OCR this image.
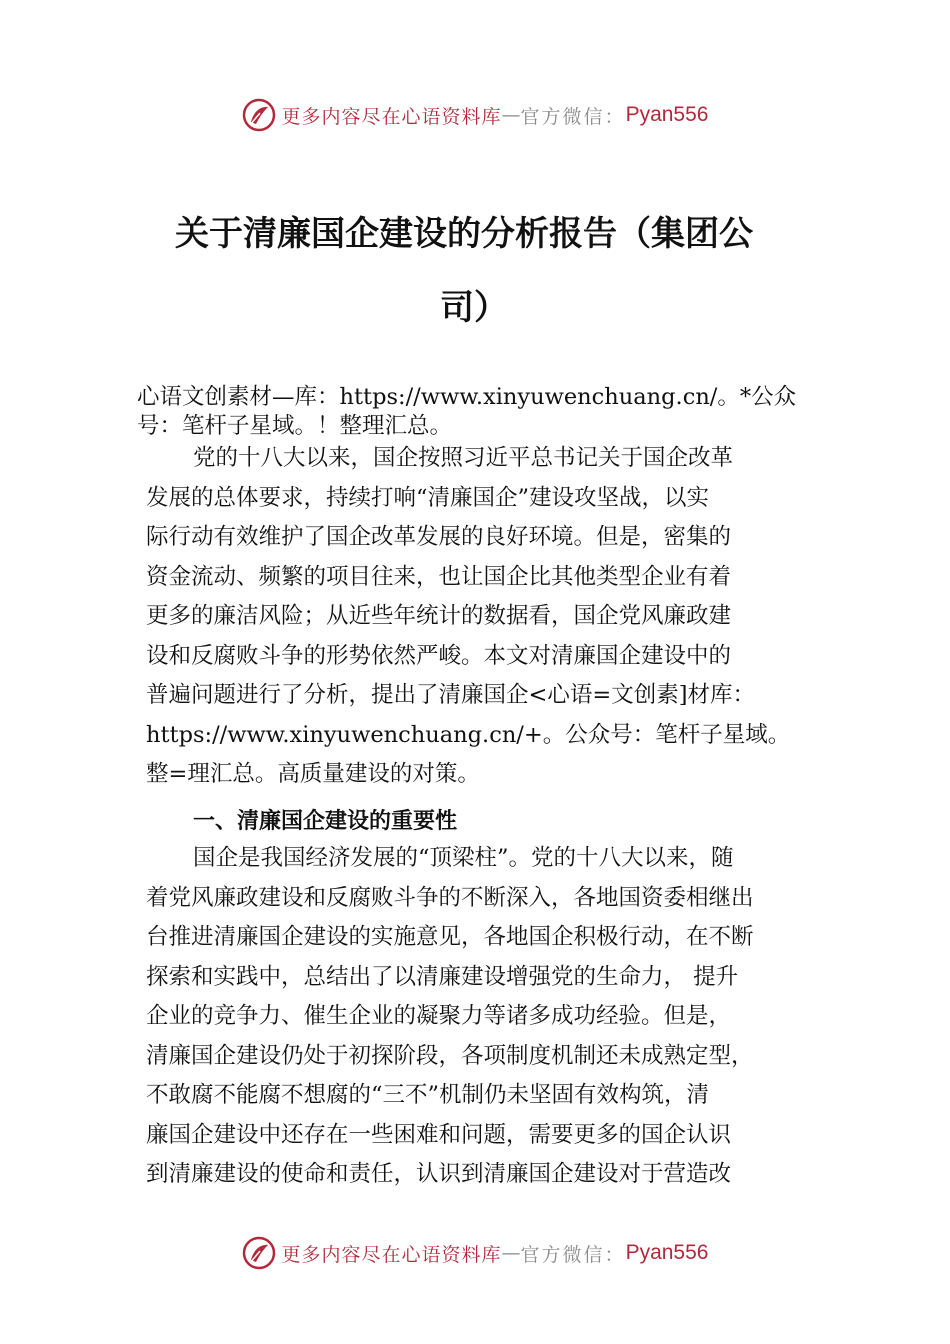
更多内容尽在心语资料库 — 官方微信： Pyan556
关于清廉国企建设的分析报告（集团公
司）
心语文创素材—库：https://www.xinyuwenchuang.cn/。*公众
号：笔杆子星域。！整理汇总。
党的十八大以来，国企按照习近平总书记关于国企改革
发展的总体要求，持续打响“清廉国企”建设攻坚战，以实
际行动有效维护了国企改革发展的良好环境。但是，密集的
资金流动、频繁的项目往来，也让国企比其他类型企业有着
更多的廉洁风险；从近些年统计的数据看，国企党风廉政建
设和反腐败斗争的形势依然严峻。本文对清廉国企建设中的
普遍问题进行了分析，提出了清廉国企<心语=文创素]材库：
https://www.xinyuwenchuang.cn/+。公众号：笔杆子星域。
整=理汇总。高质量建设的对策。
一、清廉国企建设的重要性
国企是我国经济发展的“顶梁柱”。党的十八大以来，随
着党风廉政建设和反腐败斗争的不断深入，各地国资委相继出
台推进清廉国企建设的实施意见，各地国企积极行动，在不断
探索和实践中，总结出了以清廉建设增强党的生命力， 提升
企业的竞争力、催生企业的凝聚力等诸多成功经验。但是，
清廉国企建设仍处于初探阶段，各项制度机制还未成熟定型，
不敢腐不能腐不想腐的“三不”机制仍未坚固有效构筑，清
廉国企建设中还存在一些困难和问题，需要更多的国企认识
到清廉建设的使命和责任，认识到清廉国企建设对于营造改
更多内容尽在心语资料库 — 官方微信： Pyan556
